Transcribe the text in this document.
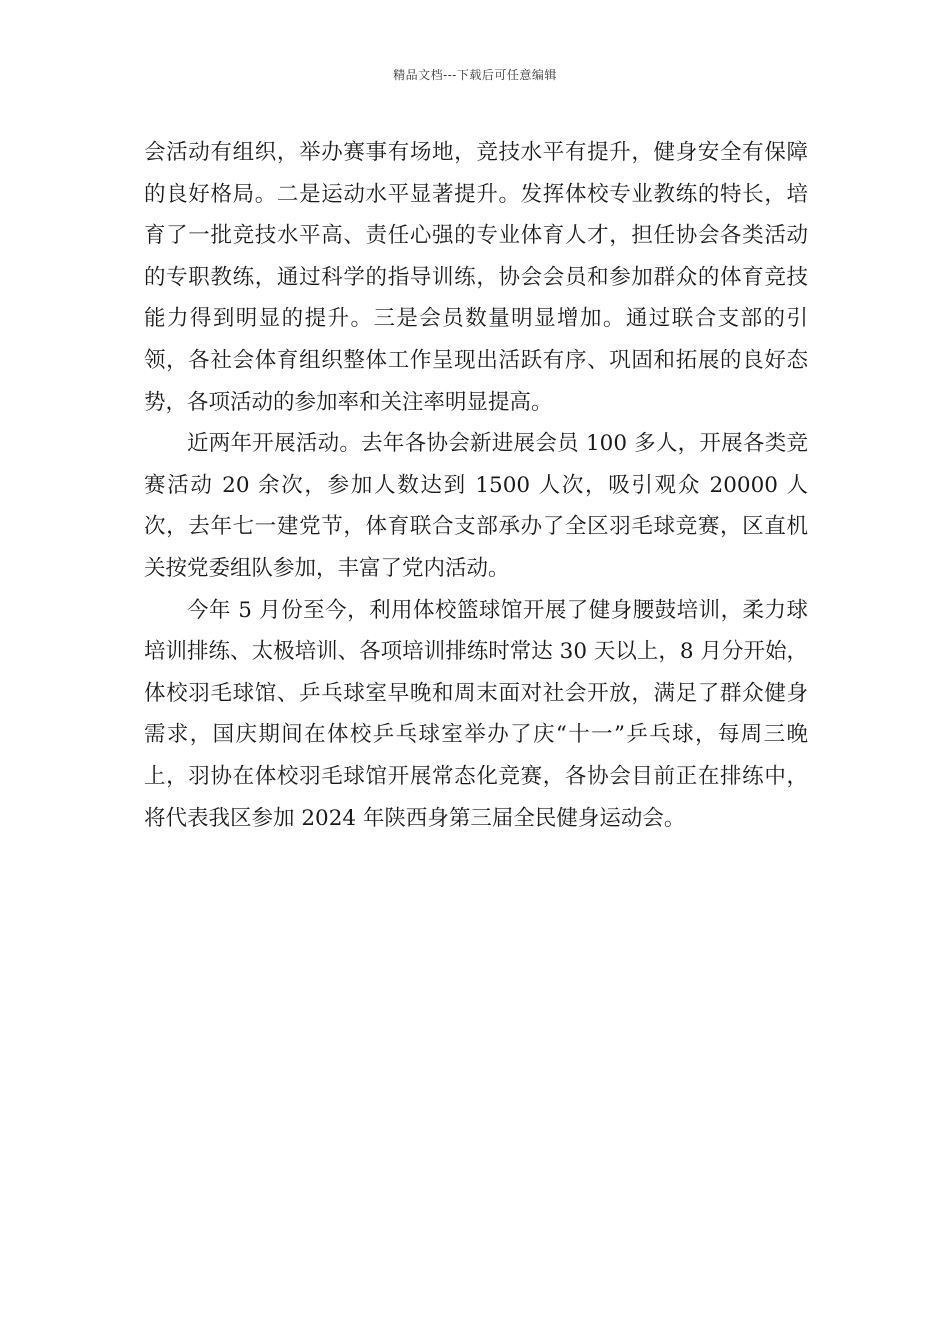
精品文档---下载后可任意编辑

会活动有组织，举办赛事有场地，竞技水平有提升，健身安全有保障的良好格局。二是运动水平显著提升。发挥体校专业教练的特长，培育了一批竞技水平高、责任心强的专业体育人才，担任协会各类活动的专职教练，通过科学的指导训练，协会会员和参加群众的体育竞技能力得到明显的提升。三是会员数量明显增加。通过联合支部的引领，各社会体育组织整体工作呈现出活跃有序、巩固和拓展的良好态势，各项活动的参加率和关注率明显提高。

近两年开展活动。去年各协会新进展会员 100 多人，开展各类竞赛活动 20 余次，参加人数达到 1500 人次，吸引观众 20000 人次，去年七一建党节，体育联合支部承办了全区羽毛球竞赛，区直机关按党委组队参加，丰富了党内活动。

今年 5 月份至今，利用体校篮球馆开展了健身腰鼓培训，柔力球培训排练、太极培训、各项培训排练时常达 30 天以上，8 月分开始，体校羽毛球馆、乒乓球室早晚和周末面对社会开放，满足了群众健身需求，国庆期间在体校乒乓球室举办了庆“十一”乒乓球，每周三晚上，羽协在体校羽毛球馆开展常态化竞赛，各协会目前正在排练中，将代表我区参加 2024 年陕西身第三届全民健身运动会。
